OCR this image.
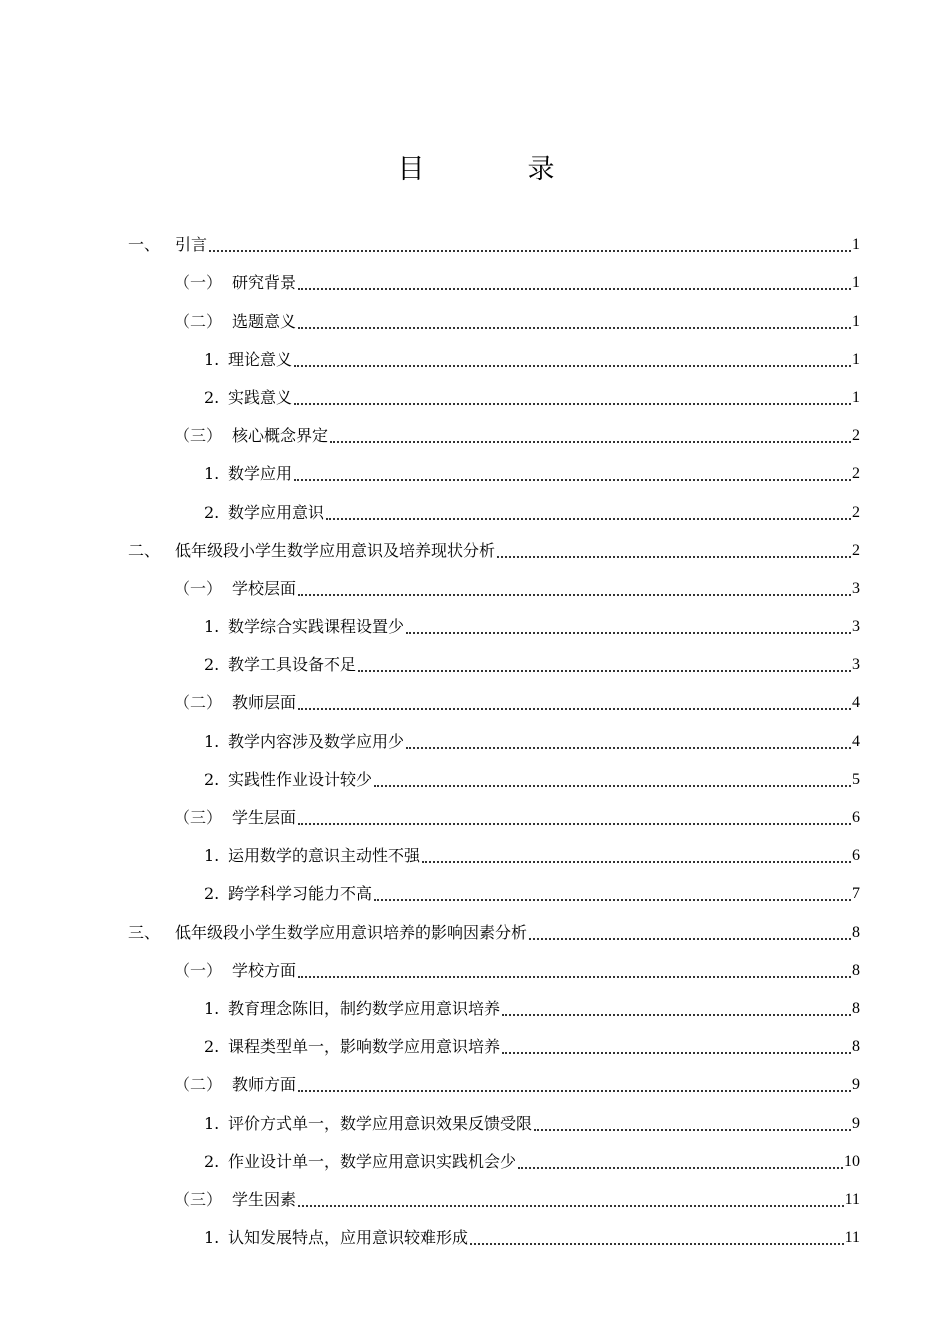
目　录
一、 引言	1
（一） 研究背景	1
（二） 选题意义	1
1. 理论意义	1
2. 实践意义	1
（三） 核心概念界定	2
1. 数学应用	2
2. 数学应用意识	2
二、 低年级段小学生数学应用意识及培养现状分析	2
（一） 学校层面	3
1. 数学综合实践课程设置少	3
2. 教学工具设备不足	3
（二） 教师层面	4
1. 教学内容涉及数学应用少	4
2. 实践性作业设计较少	5
（三） 学生层面	6
1. 运用数学的意识主动性不强	6
2. 跨学科学习能力不高	7
三、 低年级段小学生数学应用意识培养的影响因素分析	8
（一） 学校方面	8
1. 教育理念陈旧，制约数学应用意识培养	8
2. 课程类型单一，影响数学应用意识培养	8
（二） 教师方面	9
1. 评价方式单一，数学应用意识效果反馈受限	9
2. 作业设计单一，数学应用意识实践机会少	10
（三） 学生因素	11
1. 认知发展特点，应用意识较难形成	11
